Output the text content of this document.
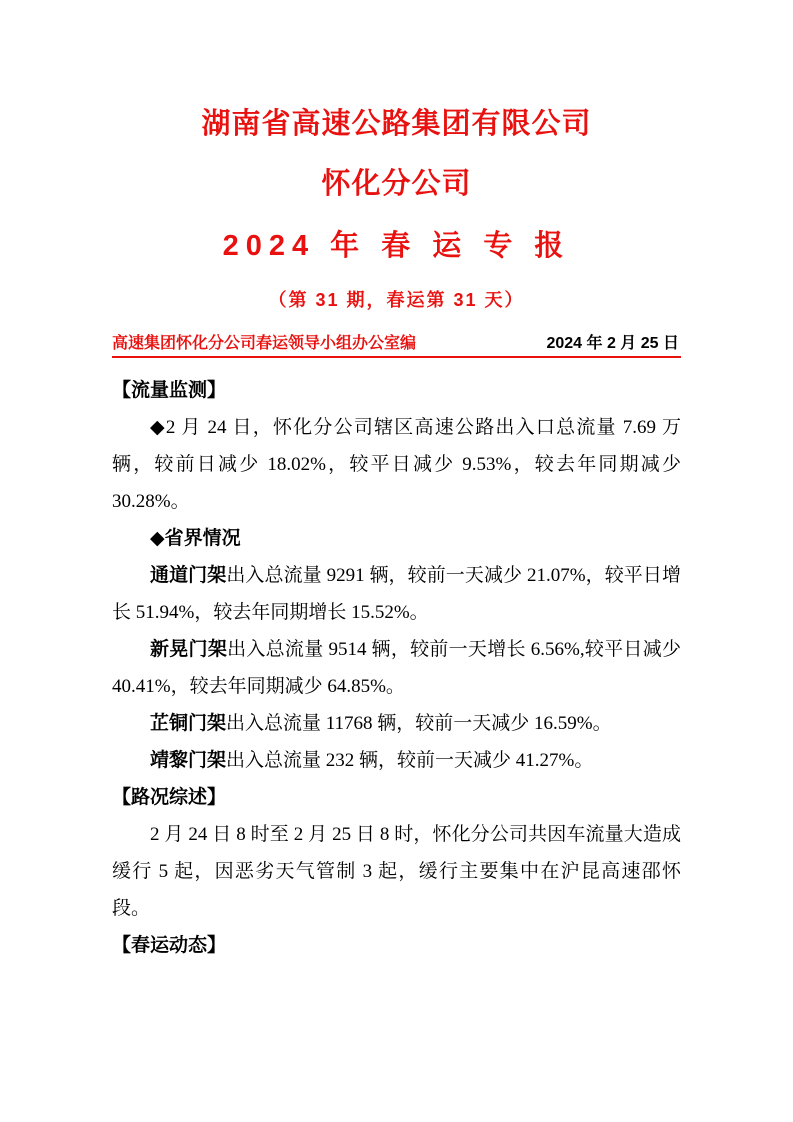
湖南省高速公路集团有限公司
怀化分公司
2024 年 春 运 专 报
（第 31 期，春运第 31 天）
高速集团怀化分公司春运领导小组办公室编	2024 年 2 月 25 日
【流量监测】

◆2 月 24 日，怀化分公司辖区高速公路出入口总流量 7.69 万辆，较前日减少 18.02%，较平日减少 9.53%，较去年同期减少 30.28%。

◆省界情况

通道门架出入总流量 9291 辆，较前一天减少 21.07%，较平日增长 51.94%，较去年同期增长 15.52%。

新晃门架出入总流量 9514 辆，较前一天增长 6.56%,较平日减少 40.41%，较去年同期减少 64.85%。

芷铜门架出入总流量 11768 辆，较前一天减少 16.59%。

靖黎门架出入总流量 232 辆，较前一天减少 41.27%。

【路况综述】

2 月 24 日 8 时至 2 月 25 日 8 时，怀化分公司共因车流量大造成缓行 5 起，因恶劣天气管制 3 起，缓行主要集中在沪昆高速邵怀段。

【春运动态】
